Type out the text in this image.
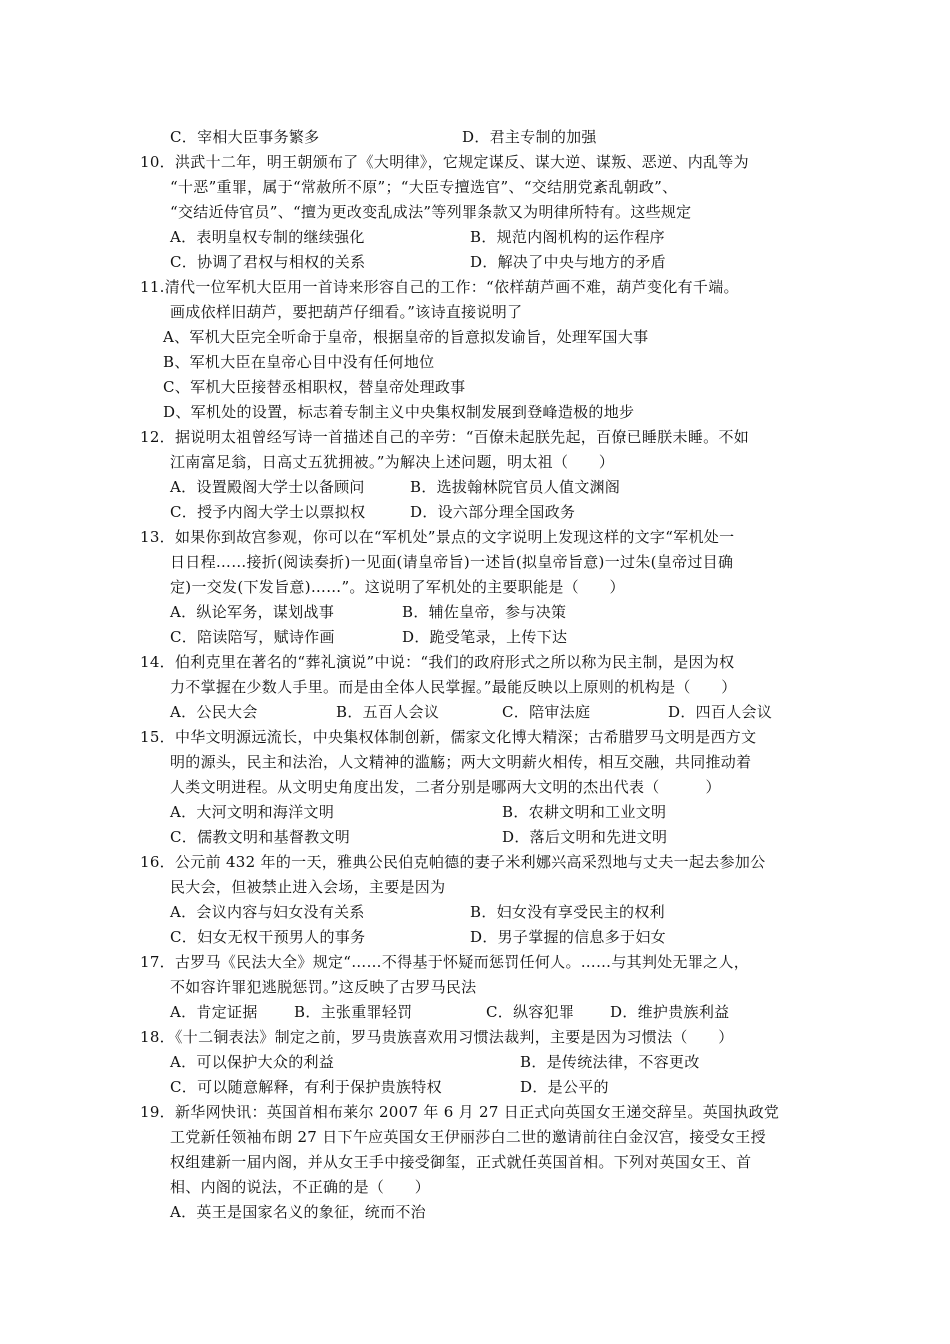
C．宰相大臣事务繁多	D．君主专制的加强
10．洪武十二年，明王朝颁布了《大明律》，它规定谋反、谋大逆、谋叛、恶逆、内乱等为
“十恶”重罪，属于“常赦所不原”；“大臣专擅选官”、“交结朋党紊乱朝政”、
“交结近侍官员”、“擅为更改变乱成法”等列罪条款又为明律所特有。这些规定
A．表明皇权专制的继续强化	B．规范内阁机构的运作程序
C．协调了君权与相权的关系	D．解决了中央与地方的矛盾
11.清代一位军机大臣用一首诗来形容自己的工作：“依样葫芦画不难，葫芦变化有千端。
画成依样旧葫芦，要把葫芦仔细看。”该诗直接说明了
A、军机大臣完全听命于皇帝，根据皇帝的旨意拟发谕旨，处理军国大事
B、军机大臣在皇帝心目中没有任何地位
C、军机大臣接替丞相职权，替皇帝处理政事
D、军机处的设置，标志着专制主义中央集权制发展到登峰造极的地步
12．据说明太祖曾经写诗一首描述自己的辛劳：“百僚未起朕先起，百僚已睡朕未睡。不如
江南富足翁，日高丈五犹拥被。”为解决上述问题，明太祖（　　）
A．设置殿阁大学士以备顾问	B．选拔翰林院官员人值文渊阁
C．授予内阁大学士以票拟权	D．设六部分理全国政务
13．如果你到故宫参观，你可以在“军机处”景点的文字说明上发现这样的文字“军机处一
日日程……接折(阅读奏折)一见面(请皇帝旨)一述旨(拟皇帝旨意)一过朱(皇帝过目确
定)一交发(下发旨意)……”。这说明了军机处的主要职能是（　　）
A．纵论军务，谋划战事	B．辅佐皇帝，参与决策
C．陪读陪写，赋诗作画	D．跪受笔录，上传下达
14．伯利克里在著名的“葬礼演说”中说：“我们的政府形式之所以称为民主制，是因为权
力不掌握在少数人手里。而是由全体人民掌握。”最能反映以上原则的机构是（　　）
A．公民大会	B．五百人会议	C．陪审法庭	D．四百人会议
15．中华文明源远流长，中央集权体制创新，儒家文化博大精深；古希腊罗马文明是西方文
明的源头，民主和法治，人文精神的滥觞；两大文明薪火相传，相互交融，共同推动着
人类文明进程。从文明史角度出发，二者分别是哪两大文明的杰出代表（　　　）
A．大河文明和海洋文明	B．农耕文明和工业文明
C．儒教文明和基督教文明	D．落后文明和先进文明
16．公元前 432 年的一天，雅典公民伯克帕德的妻子米利娜兴高采烈地与丈夫一起去参加公
民大会，但被禁止进入会场，主要是因为
A．会议内容与妇女没有关系	B．妇女没有享受民主的权利
C．妇女无权干预男人的事务	D．男子掌握的信息多于妇女
17．古罗马《民法大全》规定“……不得基于怀疑而惩罚任何人。……与其判处无罪之人，
不如容许罪犯逃脱惩罚。”这反映了古罗马民法
A．肯定证据 B．主张重罪轻罚	C．纵容犯罪 D．维护贵族利益
18．《十二铜表法》制定之前，罗马贵族喜欢用习惯法裁判，主要是因为习惯法（　　）
A．可以保护大众的利益	B．是传统法律，不容更改
C．可以随意解释，有利于保护贵族特权	D．是公平的
19．新华网快讯：英国首相布莱尔 2007 年 6 月 27 日正式向英国女王递交辞呈。英国执政党
工党新任领袖布朗 27 日下午应英国女王伊丽莎白二世的邀请前往白金汉宫，接受女王授
权组建新一届内阁，并从女王手中接受御玺，正式就任英国首相。下列对英国女王、首
相、内阁的说法，不正确的是（　　）
A．英王是国家名义的象征，统而不治
